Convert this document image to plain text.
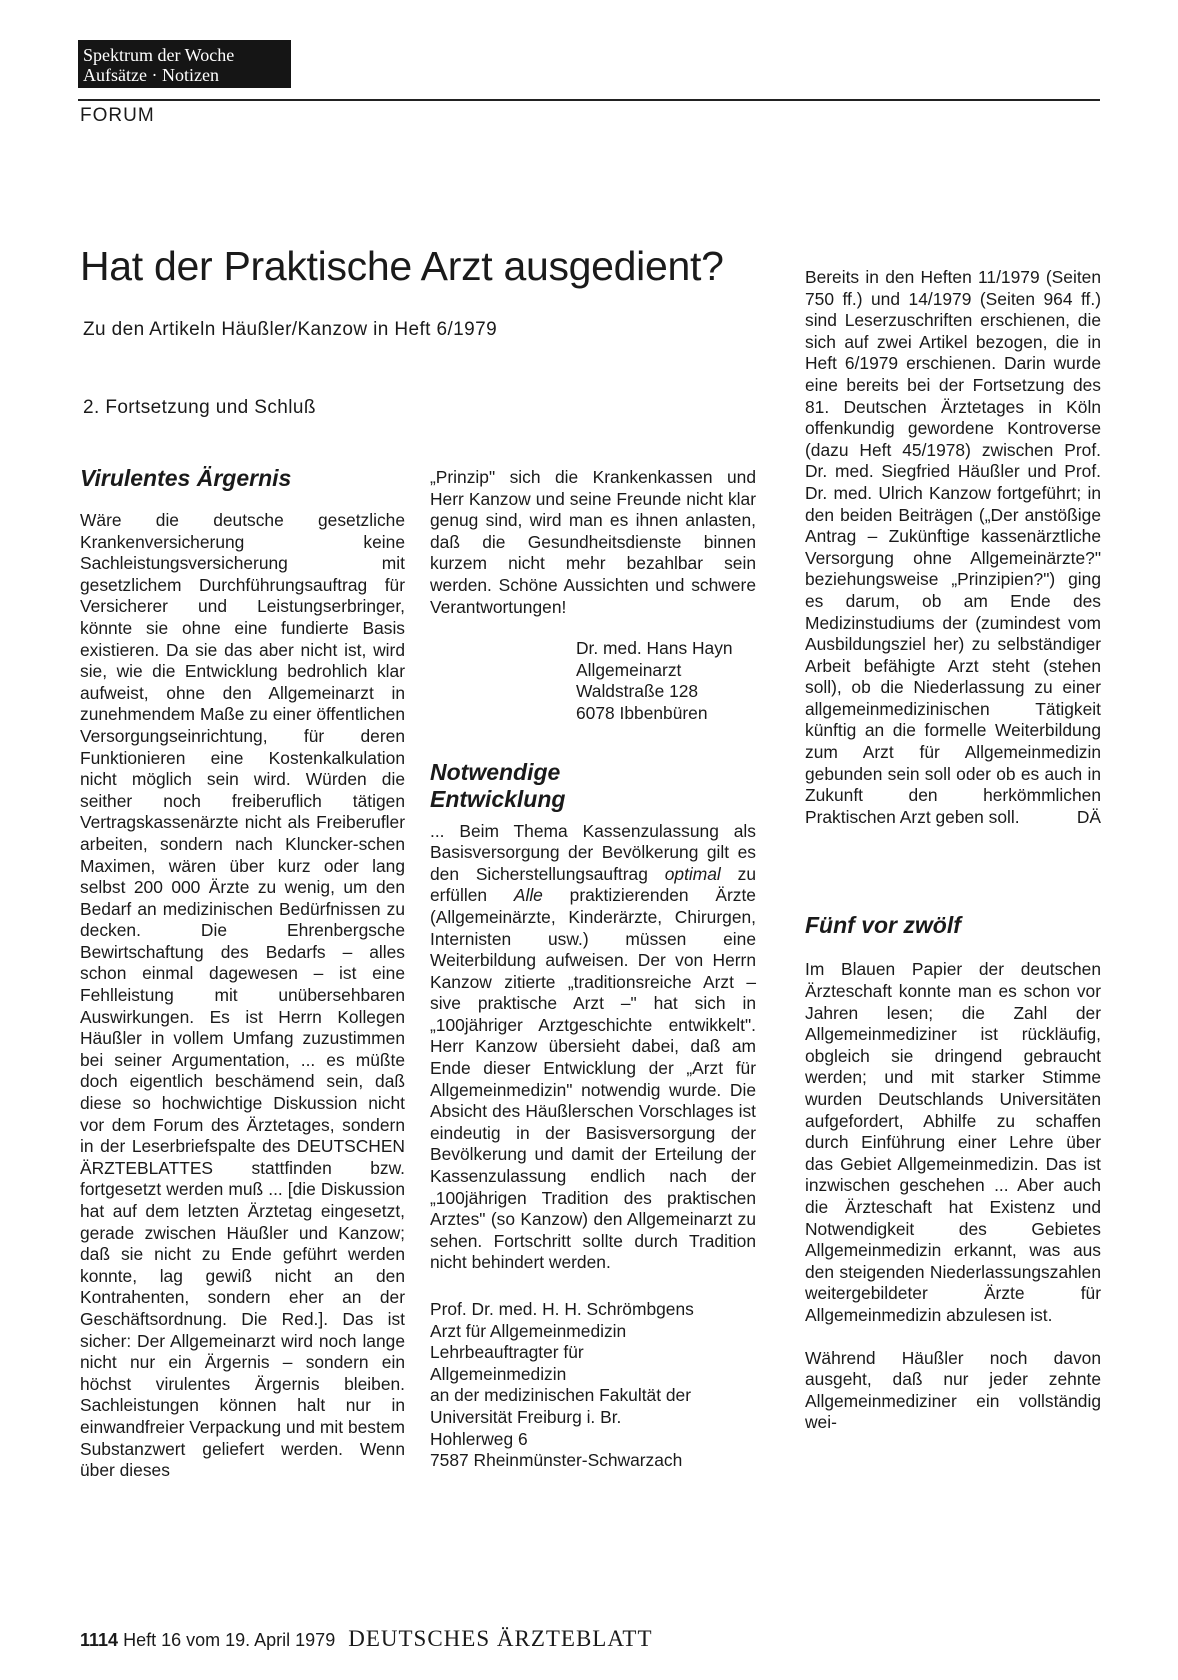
Spektrum der Woche
Aufsätze · Notizen
FORUM
Hat der Praktische Arzt ausgedient?
Zu den Artikeln Häußler/Kanzow in Heft 6/1979
2. Fortsetzung und Schluß
Virulentes Ärgernis

Wäre die deutsche gesetzliche Krankenversicherung keine Sachleistungsversicherung mit gesetzlichem Durchführungsauftrag für Versicherer und Leistungserbringer, könnte sie ohne eine fundierte Basis existieren. Da sie das aber nicht ist, wird sie, wie die Entwicklung bedrohlich klar aufweist, ohne den Allgemeinarzt in zunehmendem Maße zu einer öffentlichen Versorgungseinrichtung, für deren Funktionieren eine Kostenkalkulation nicht möglich sein wird. Würden die seither noch freiberuflich tätigen Vertragskassenärzte nicht als Freiberufler arbeiten, sondern nach Kluncker-schen Maximen, wären über kurz oder lang selbst 200 000 Ärzte zu wenig, um den Bedarf an medizinischen Bedürfnissen zu decken. Die Ehrenbergsche Bewirtschaftung des Bedarfs – alles schon einmal dagewesen – ist eine Fehlleistung mit unübersehbaren Auswirkungen. Es ist Herrn Kollegen Häußler in vollem Umfang zuzustimmen bei seiner Argumentation, ... es müßte doch eigentlich beschämend sein, daß diese so hochwichtige Diskussion nicht vor dem Forum des Ärztetages, sondern in der Leserbriefspalte des DEUTSCHEN ÄRZTEBLATTES stattfinden bzw. fortgesetzt werden muß ... [die Diskussion hat auf dem letzten Ärztetag eingesetzt, gerade zwischen Häußler und Kanzow; daß sie nicht zu Ende geführt werden konnte, lag gewiß nicht an den Kontrahenten, sondern eher an der Geschäftsordnung. Die Red.]. Das ist sicher: Der Allgemeinarzt wird noch lange nicht nur ein Ärgernis – sondern ein höchst virulentes Ärgernis bleiben. Sachleistungen können halt nur in einwandfreier Verpackung und mit bestem Substanzwert geliefert werden. Wenn über dieses

„Prinzip" sich die Krankenkassen und Herr Kanzow und seine Freunde nicht klar genug sind, wird man es ihnen anlasten, daß die Gesundheitsdienste binnen kurzem nicht mehr bezahlbar sein werden. Schöne Aussichten und schwere Verantwortungen!

Dr. med. Hans Hayn
Allgemeinarzt
Waldstraße 128
6078 Ibbenbüren
Notwendige
Entwicklung

... Beim Thema Kassenzulassung als Basisversorgung der Bevölkerung gilt es den Sicherstellungsauftrag optimal zu erfüllen Alle praktizierenden Ärzte (Allgemeinärzte, Kinderärzte, Chirurgen, Internisten usw.) müssen eine Weiterbildung aufweisen. Der von Herrn Kanzow zitierte „traditionsreiche Arzt – sive praktische Arzt –" hat sich in „100jähriger Arztgeschichte entwikkelt". Herr Kanzow übersieht dabei, daß am Ende dieser Entwicklung der „Arzt für Allgemeinmedizin" notwendig wurde. Die Absicht des Häußlerschen Vorschlages ist eindeutig in der Basisversorgung der Bevölkerung und damit der Erteilung der Kassenzulassung endlich nach der „100jährigen Tradition des praktischen Arztes" (so Kanzow) den Allgemeinarzt zu sehen. Fortschritt sollte durch Tradition nicht behindert werden.

Prof. Dr. med. H. H. Schrömbgens
Arzt für Allgemeinmedizin
Lehrbeauftragter für
Allgemeinmedizin
an der medizinischen Fakultät der
Universität Freiburg i. Br.
Hohlerweg 6
7587 Rheinmünster-Schwarzach

Bereits in den Heften 11/1979 (Seiten 750 ff.) und 14/1979 (Seiten 964 ff.) sind Leserzuschriften erschienen, die sich auf zwei Artikel bezogen, die in Heft 6/1979 erschienen. Darin wurde eine bereits bei der Fortsetzung des 81. Deutschen Ärztetages in Köln offenkundig gewordene Kontroverse (dazu Heft 45/1978) zwischen Prof. Dr. med. Siegfried Häußler und Prof. Dr. med. Ulrich Kanzow fortgeführt; in den beiden Beiträgen („Der anstößige Antrag – Zukünftige kassenärztliche Versorgung ohne Allgemeinärzte?" beziehungsweise „Prinzipien?") ging es darum, ob am Ende des Medizinstudiums der (zumindest vom Ausbildungsziel her) zu selbständiger Arbeit befähigte Arzt steht (stehen soll), ob die Niederlassung zu einer allgemeinmedizinischen Tätigkeit künftig an die formelle Weiterbildung zum Arzt für Allgemeinmedizin gebunden sein soll oder ob es auch in Zukunft den herkömmlichen Praktischen Arzt geben soll.	DÄ

Fünf vor zwölf

Im Blauen Papier der deutschen Ärzteschaft konnte man es schon vor Jahren lesen; die Zahl der Allgemeinmediziner ist rückläufig, obgleich sie dringend gebraucht werden; und mit starker Stimme wurden Deutschlands Universitäten aufgefordert, Abhilfe zu schaffen durch Einführung einer Lehre über das Gebiet Allgemeinmedizin. Das ist inzwischen geschehen ... Aber auch die Ärzteschaft hat Existenz und Notwendigkeit des Gebietes Allgemeinmedizin erkannt, was aus den steigenden Niederlassungszahlen weitergebildeter Ärzte für Allgemeinmedizin abzulesen ist.

Während Häußler noch davon ausgeht, daß nur jeder zehnte Allgemeinmediziner ein vollständig wei-

1114 Heft 16 vom 19. April 1979 DEUTSCHES ÄRZTEBLATT
